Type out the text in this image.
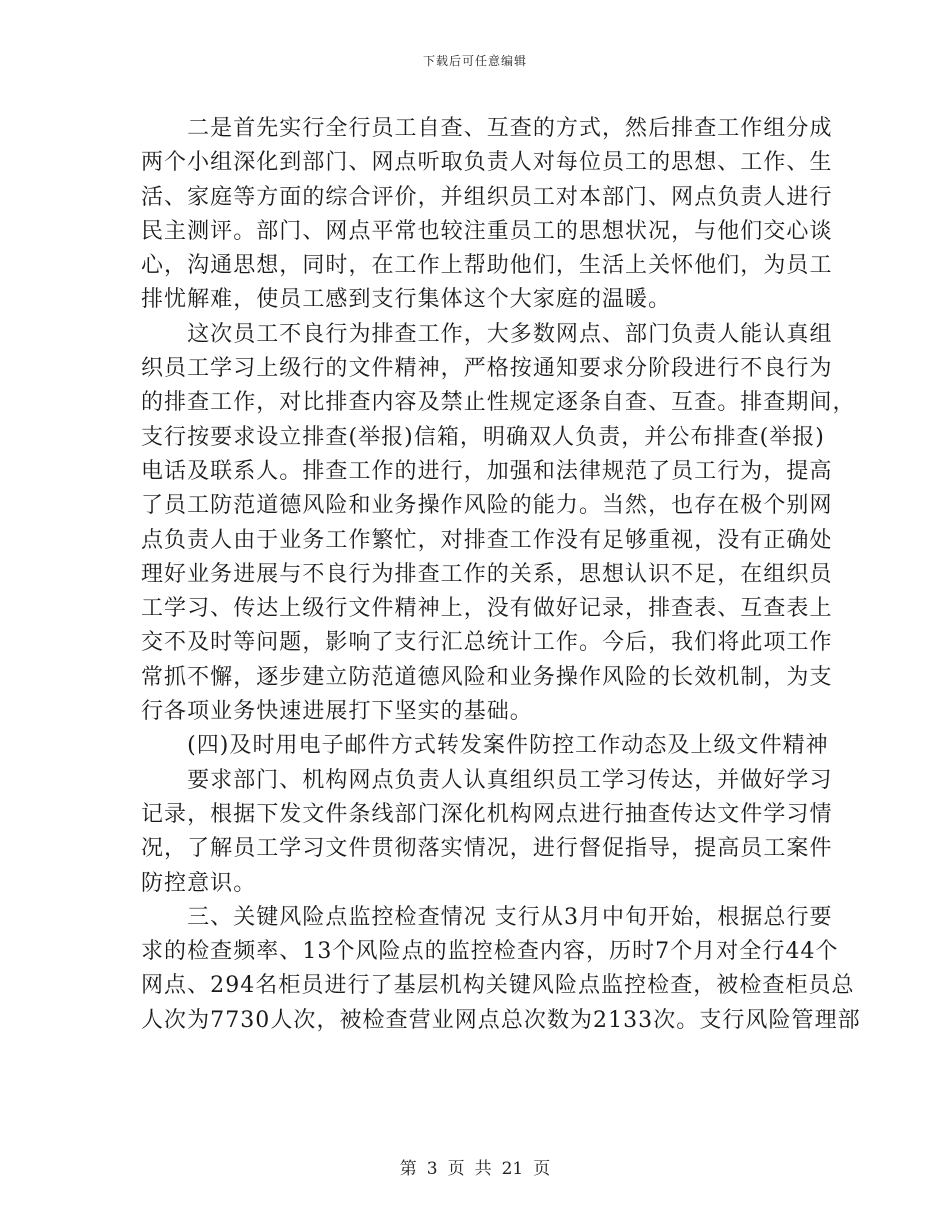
下载后可任意编辑
　　二是首先实行全行员工自查、互查的方式，然后排查工作组分成
两个小组深化到部门、网点听取负责人对每位员工的思想、工作、生
活、家庭等方面的综合评价，并组织员工对本部门、网点负责人进行
民主测评。部门、网点平常也较注重员工的思想状况，与他们交心谈
心，沟通思想，同时，在工作上帮助他们，生活上关怀他们，为员工
排忧解难，使员工感到支行集体这个大家庭的温暖。
　　这次员工不良行为排查工作，大多数网点、部门负责人能认真组
织员工学习上级行的文件精神，严格按通知要求分阶段进行不良行为
的排查工作，对比排查内容及禁止性规定逐条自查、互查。排查期间，
支行按要求设立排查(举报)信箱，明确双人负责，并公布排查(举报)
电话及联系人。排查工作的进行，加强和法律规范了员工行为，提高
了员工防范道德风险和业务操作风险的能力。当然，也存在极个别网
点负责人由于业务工作繁忙，对排查工作没有足够重视，没有正确处
理好业务进展与不良行为排查工作的关系，思想认识不足，在组织员
工学习、传达上级行文件精神上，没有做好记录，排查表、互查表上
交不及时等问题，影响了支行汇总统计工作。今后，我们将此项工作
常抓不懈，逐步建立防范道德风险和业务操作风险的长效机制，为支
行各项业务快速进展打下坚实的基础。
　　(四)及时用电子邮件方式转发案件防控工作动态及上级文件精神
　　要求部门、机构网点负责人认真组织员工学习传达，并做好学习
记录，根据下发文件条线部门深化机构网点进行抽查传达文件学习情
况，了解员工学习文件贯彻落实情况，进行督促指导，提高员工案件
防控意识。
　　三、关键风险点监控检查情况 支行从3月中旬开始，根据总行要
求的检查频率、13个风险点的监控检查内容，历时7个月对全行44个
网点、294名柜员进行了基层机构关键风险点监控检查，被检查柜员总
人次为7730人次，被检查营业网点总次数为2133次。支行风险管理部
第 3 页 共 21 页
